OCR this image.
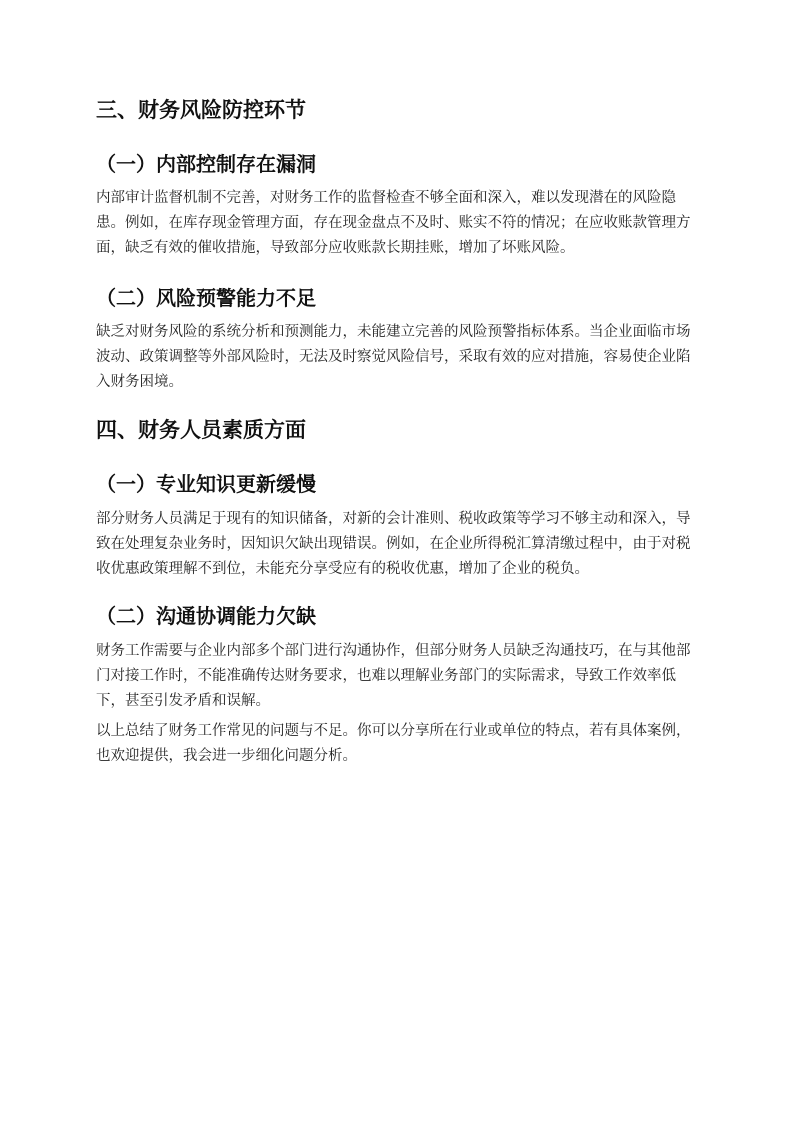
三、财务风险防控环节
（一）内部控制存在漏洞
内部审计监督机制不完善，对财务工作的监督检查不够全面和深入，难以发现潜在的风险隐
患。例如，在库存现金管理方面，存在现金盘点不及时、账实不符的情况；在应收账款管理方
面，缺乏有效的催收措施，导致部分应收账款长期挂账，增加了坏账风险。
（二）风险预警能力不足
缺乏对财务风险的系统分析和预测能力，未能建立完善的风险预警指标体系。当企业面临市场
波动、政策调整等外部风险时，无法及时察觉风险信号，采取有效的应对措施，容易使企业陷
入财务困境。
四、财务人员素质方面
（一）专业知识更新缓慢
部分财务人员满足于现有的知识储备，对新的会计准则、税收政策等学习不够主动和深入，导
致在处理复杂业务时，因知识欠缺出现错误。例如，在企业所得税汇算清缴过程中，由于对税
收优惠政策理解不到位，未能充分享受应有的税收优惠，增加了企业的税负。
（二）沟通协调能力欠缺
财务工作需要与企业内部多个部门进行沟通协作，但部分财务人员缺乏沟通技巧，在与其他部
门对接工作时，不能准确传达财务要求，也难以理解业务部门的实际需求，导致工作效率低
下，甚至引发矛盾和误解。
以上总结了财务工作常见的问题与不足。你可以分享所在行业或单位的特点，若有具体案例，
也欢迎提供，我会进一步细化问题分析。
